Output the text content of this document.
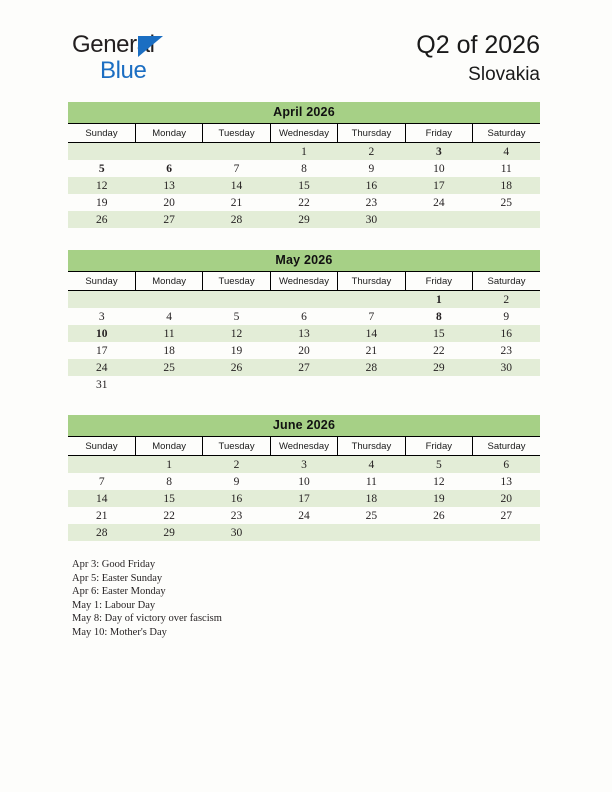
General
Blue
Q2 of 2026
Slovakia
April 2026
Sunday	Monday	Tuesday	Wednesday	Thursday	Friday	Saturday
			1	2	3	4
5	6	7	8	9	10	11
12	13	14	15	16	17	18
19	20	21	22	23	24	25
26	27	28	29	30		
May 2026
Sunday	Monday	Tuesday	Wednesday	Thursday	Friday	Saturday
					1	2
3	4	5	6	7	8	9
10	11	12	13	14	15	16
17	18	19	20	21	22	23
24	25	26	27	28	29	30
31						
June 2026
Sunday	Monday	Tuesday	Wednesday	Thursday	Friday	Saturday
	1	2	3	4	5	6
7	8	9	10	11	12	13
14	15	16	17	18	19	20
21	22	23	24	25	26	27
28	29	30				
Apr 3: Good Friday
Apr 5: Easter Sunday
Apr 6: Easter Monday
May 1: Labour Day
May 8: Day of victory over fascism
May 10: Mother's Day
